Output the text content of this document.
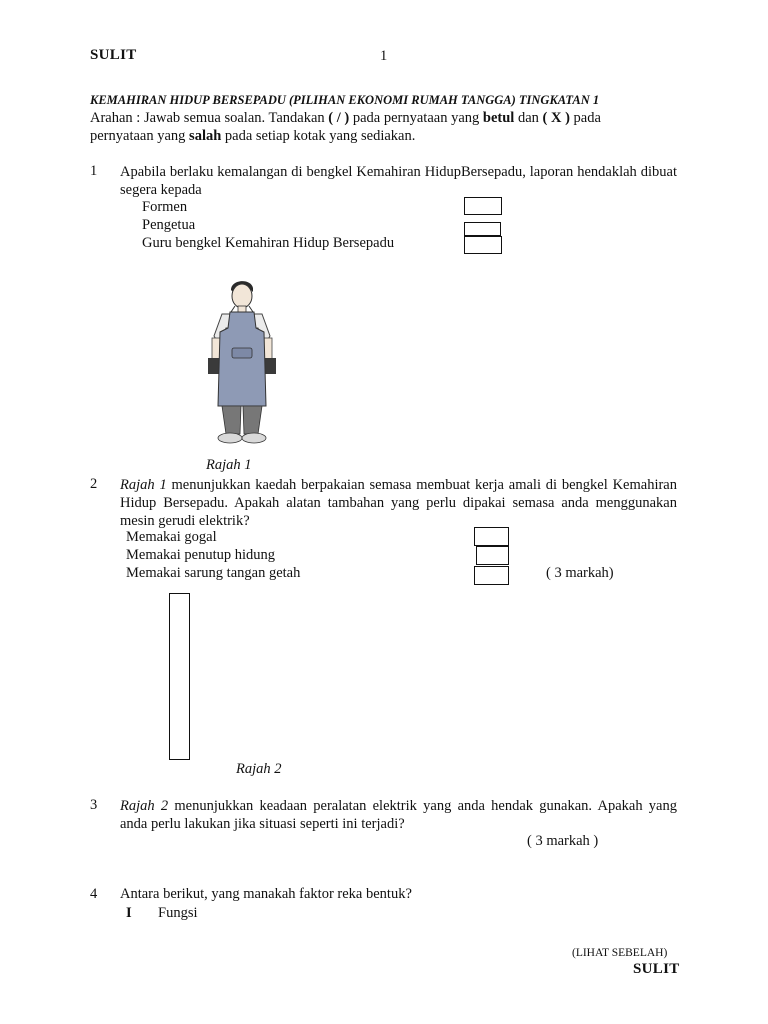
SULIT	1
KEMAHIRAN HIDUP BERSEPADU (PILIHAN EKONOMI RUMAH TANGGA) TINGKATAN 1
Arahan : Jawab semua soalan. Tandakan ( / ) pada pernyataan yang betul dan ( X ) pada
pernyataan yang salah pada setiap kotak yang sediakan.
1 Apabila berlaku kemalangan di bengkel Kemahiran HidupBersepadu, laporan hendaklah dibuat segera kepada
Formen
Pengetua
Guru bengkel Kemahiran Hidup Bersepadu
Rajah 1
2 Rajah 1 menunjukkan kaedah berpakaian semasa membuat kerja amali di bengkel Kemahiran Hidup Bersepadu. Apakah alatan tambahan yang perlu dipakai semasa anda menggunakan mesin gerudi elektrik?
Memakai gogal
Memakai penutup hidung
Memakai sarung tangan getah	( 3 markah)
Rajah 2
3 Rajah 2 menunjukkan keadaan peralatan elektrik yang anda hendak gunakan. Apakah yang anda perlu lakukan jika situasi seperti ini terjadi?
( 3 markah )
4 Antara berikut, yang manakah faktor reka bentuk?
I Fungsi
(LIHAT SEBELAH)
SULIT
